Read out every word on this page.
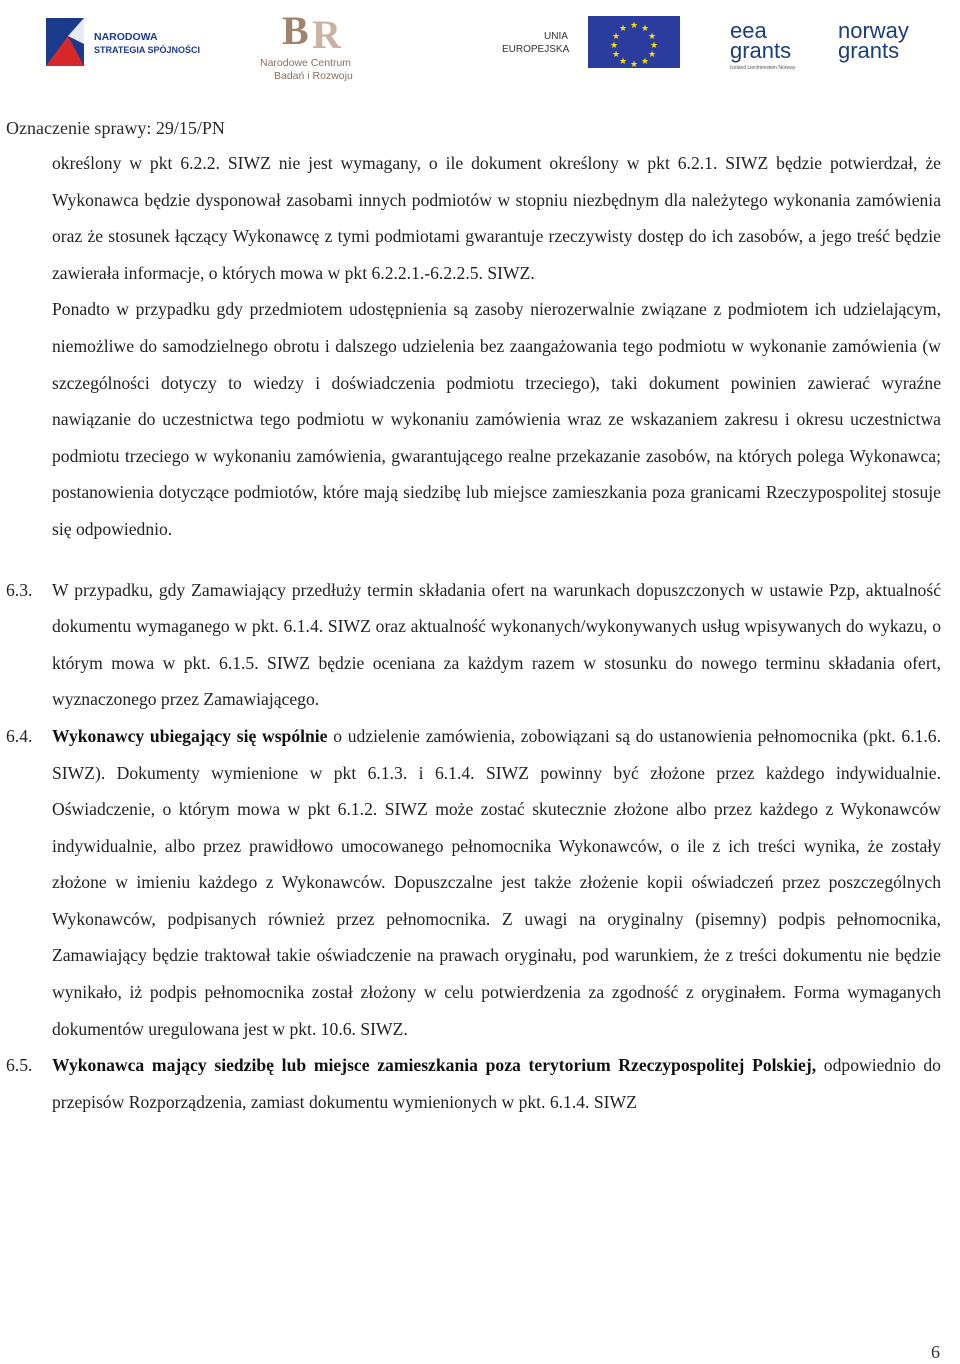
NARODOWA
STRATEGIA SPÓJNOŚCI B R
Narodowe Centrum
Badań i Rozwoju
UNIA
EUROPEJSKA
★ ★
★
★
★
★
★
★
★
★
★
★	eea
grants
Iceland Liechtenstein Norway
norway
grants
Oznaczenie sprawy: 29/15/PN

określony w pkt 6.2.2. SIWZ nie jest wymagany, o ile dokument określony w pkt 6.2.1. SIWZ będzie potwierdzał, że Wykonawca będzie dysponował zasobami innych podmiotów w stopniu niezbędnym dla należytego wykonania zamówienia oraz że stosunek łączący Wykonawcę z tymi podmiotami gwarantuje rzeczywisty dostęp do ich zasobów, a jego treść będzie zawierała informacje, o których mowa w pkt 6.2.2.1.-6.2.2.5. SIWZ.

Ponadto w przypadku gdy przedmiotem udostępnienia są zasoby nierozerwalnie związane z podmiotem ich udzielającym, niemożliwe do samodzielnego obrotu i dalszego udzielenia bez zaangażowania tego podmiotu w wykonanie zamówienia (w szczególności dotyczy to wiedzy i doświadczenia podmiotu trzeciego), taki dokument powinien zawierać wyraźne nawiązanie do uczestnictwa tego podmiotu w wykonaniu zamówienia wraz ze wskazaniem zakresu i okresu uczestnictwa podmiotu trzeciego w wykonaniu zamówienia, gwarantującego realne przekazanie zasobów, na których polega Wykonawca; postanowienia dotyczące podmiotów, które mają siedzibę lub miejsce zamieszkania poza granicami Rzeczypospolitej stosuje się odpowiednio.

6.3. W przypadku, gdy Zamawiający przedłuży termin składania ofert na warunkach dopuszczonych w ustawie Pzp, aktualność dokumentu wymaganego w pkt. 6.1.4. SIWZ oraz aktualność wykonanych/wykonywanych usług wpisywanych do wykazu, o którym mowa w pkt. 6.1.5. SIWZ będzie oceniana za każdym razem w stosunku do nowego terminu składania ofert, wyznaczonego przez Zamawiającego.

6.4. Wykonawcy ubiegający się wspólnie o udzielenie zamówienia, zobowiązani są do ustanowienia pełnomocnika (pkt. 6.1.6. SIWZ). Dokumenty wymienione w pkt 6.1.3. i 6.1.4. SIWZ powinny być złożone przez każdego indywidualnie. Oświadczenie, o którym mowa w pkt 6.1.2. SIWZ może zostać skutecznie złożone albo przez każdego z Wykonawców indywidualnie, albo przez prawidłowo umocowanego pełnomocnika Wykonawców, o ile z ich treści wynika, że zostały złożone w imieniu każdego z Wykonawców. Dopuszczalne jest także złożenie kopii oświadczeń przez poszczególnych Wykonawców, podpisanych również przez pełnomocnika. Z uwagi na oryginalny (pisemny) podpis pełnomocnika, Zamawiający będzie traktował takie oświadczenie na prawach oryginału, pod warunkiem, że z treści dokumentu nie będzie wynikało, iż podpis pełnomocnika został złożony w celu potwierdzenia za zgodność z oryginałem. Forma wymaganych dokumentów uregulowana jest w pkt. 10.6. SIWZ.

6.5. Wykonawca mający siedzibę lub miejsce zamieszkania poza terytorium Rzeczypospolitej Polskiej, odpowiednio do przepisów Rozporządzenia, zamiast dokumentu wymienionych w pkt. 6.1.4. SIWZ

6
